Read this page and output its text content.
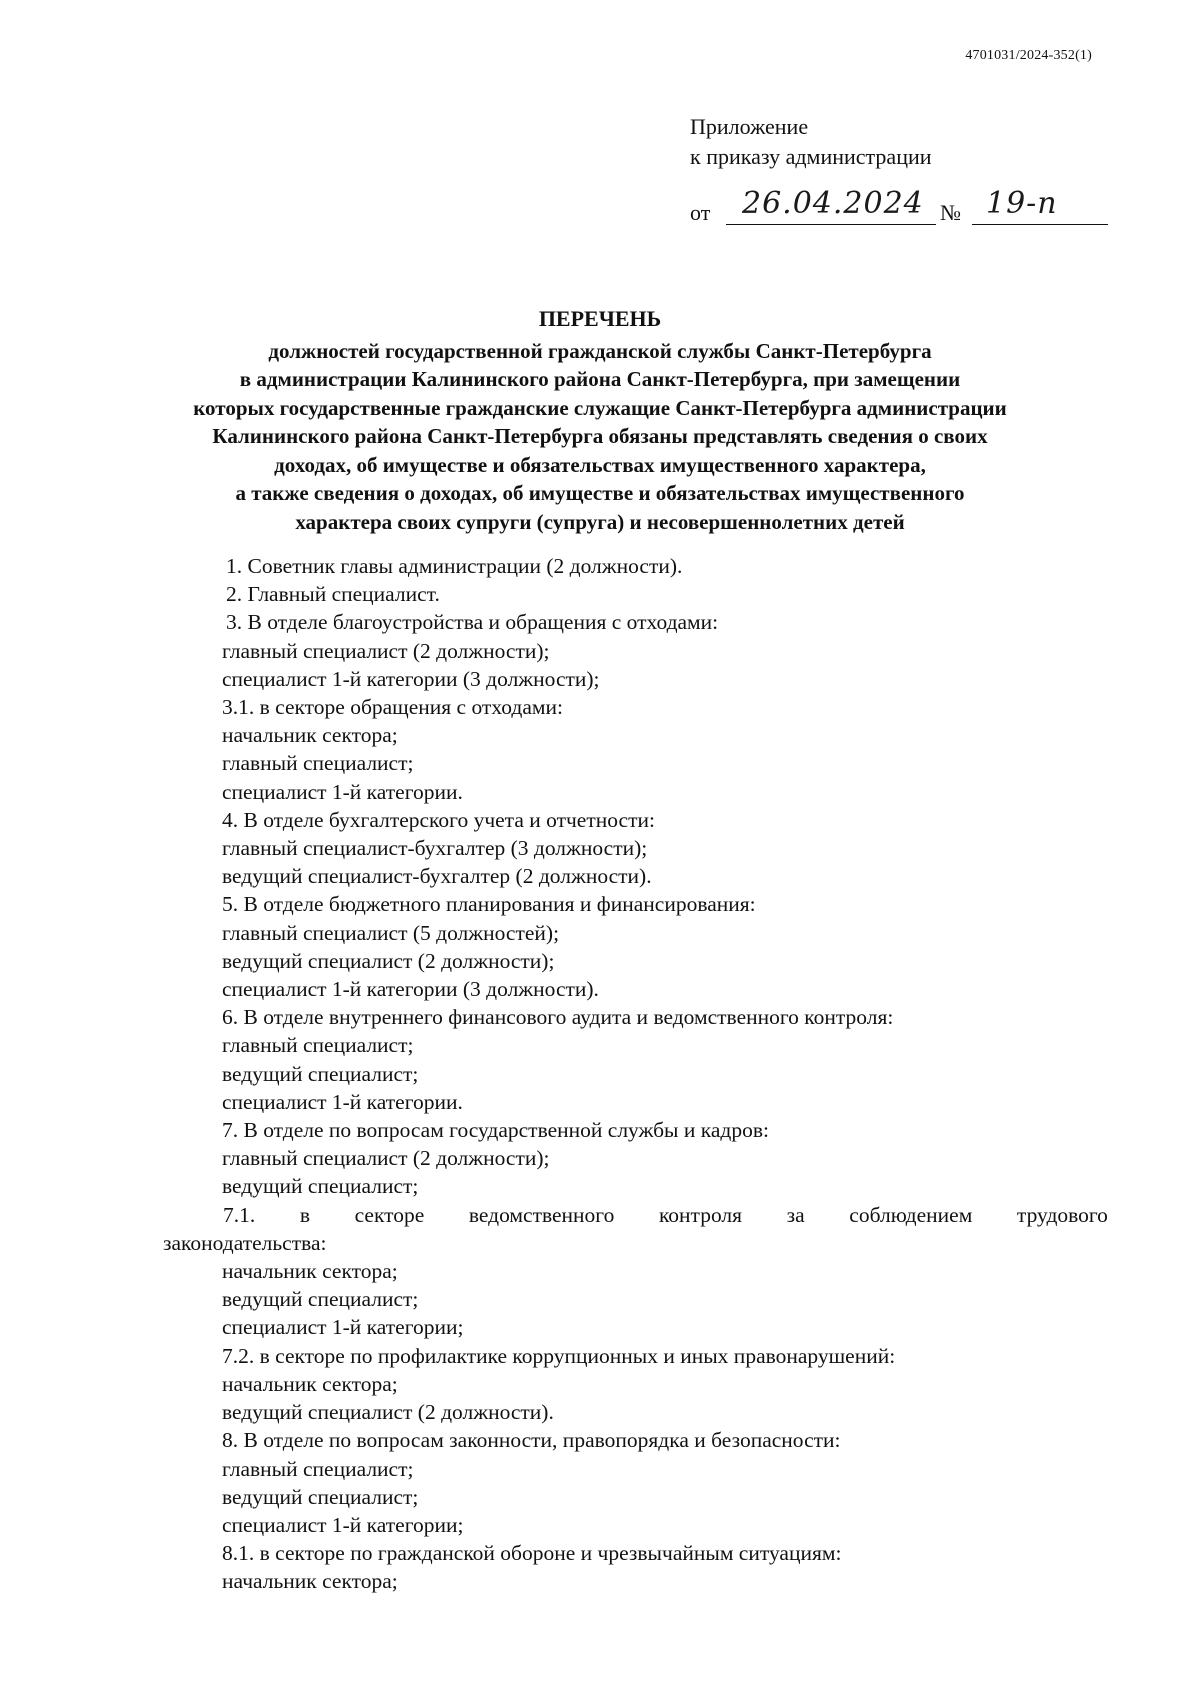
4701031/2024-352(1)
Приложение
к приказу администрации
от 26.04.2024 № 19-п
ПЕРЕЧЕНЬ
должностей государственной гражданской службы Санкт-Петербурга
в администрации Калининского района Санкт-Петербурга, при замещении
которых государственные гражданские служащие Санкт-Петербурга администрации
Калининского района Санкт-Петербурга обязаны представлять сведения о своих
доходах, об имуществе и обязательствах имущественного характера,
а также сведения о доходах, об имуществе и обязательствах имущественного
характера своих супруги (супруга) и несовершеннолетних детей
1. Советник главы администрации (2 должности).
2. Главный специалист.
3. В отделе благоустройства и обращения с отходами:
главный специалист (2 должности);
специалист 1-й категории (3 должности);
3.1. в секторе обращения с отходами:
начальник сектора;
главный специалист;
специалист 1-й категории.
4. В отделе бухгалтерского учета и отчетности:
главный специалист-бухгалтер (3 должности);
ведущий специалист-бухгалтер (2 должности).
5. В отделе бюджетного планирования и финансирования:
главный специалист (5 должностей);
ведущий специалист (2 должности);
специалист 1-й категории (3 должности).
6. В отделе внутреннего финансового аудита и ведомственного контроля:
главный специалист;
ведущий специалист;
специалист 1-й категории.
7. В отделе по вопросам государственной службы и кадров:
главный специалист (2 должности);
ведущий специалист;
7.1. в секторе ведомственного контроля за соблюдением трудового
законодательства:
начальник сектора;
ведущий специалист;
специалист 1-й категории;
7.2. в секторе по профилактике коррупционных и иных правонарушений:
начальник сектора;
ведущий специалист (2 должности).
8. В отделе по вопросам законности, правопорядка и безопасности:
главный специалист;
ведущий специалист;
специалист 1-й категории;
8.1. в секторе по гражданской обороне и чрезвычайным ситуациям:
начальник сектора;
